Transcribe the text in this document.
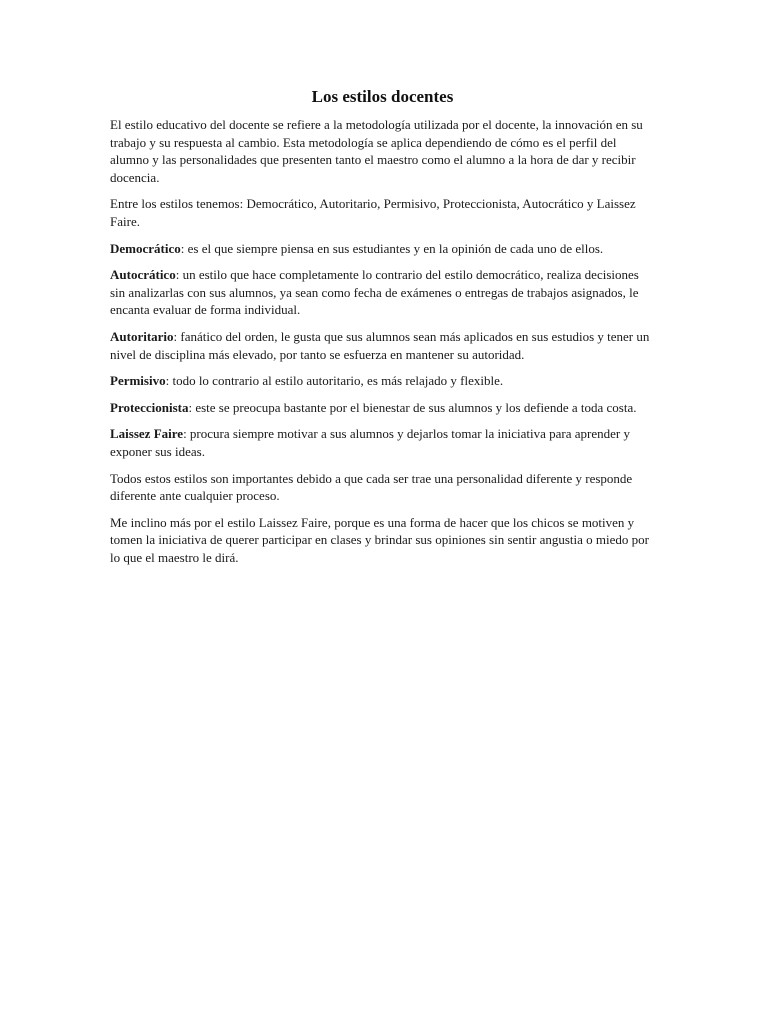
Los estilos docentes

El estilo educativo del docente se refiere a la metodología utilizada por el docente, la innovación en su trabajo y su respuesta al cambio. Esta metodología se aplica dependiendo de cómo es el perfil del alumno y las personalidades que presenten tanto el maestro como el alumno a la hora de dar y recibir docencia.

Entre los estilos tenemos: Democrático, Autoritario, Permisivo, Proteccionista, Autocrático y Laissez Faire.

Democrático: es el que siempre piensa en sus estudiantes y en la opinión de cada uno de ellos.

Autocrático: un estilo que hace completamente lo contrario del estilo democrático, realiza decisiones sin analizarlas con sus alumnos, ya sean como fecha de exámenes o entregas de trabajos asignados, le encanta evaluar de forma individual.

Autoritario: fanático del orden, le gusta que sus alumnos sean más aplicados en sus estudios y tener un nivel de disciplina más elevado, por tanto se esfuerza en mantener su autoridad.

Permisivo: todo lo contrario al estilo autoritario, es más relajado y flexible.

Proteccionista: este se preocupa bastante por el bienestar de sus alumnos y los defiende a toda costa.

Laissez Faire: procura siempre motivar a sus alumnos y dejarlos tomar la iniciativa para aprender y exponer sus ideas.

Todos estos estilos son importantes debido a que cada ser trae una personalidad diferente y responde diferente ante cualquier proceso.

Me inclino más por el estilo Laissez Faire, porque es una forma de hacer que los chicos se motiven y tomen la iniciativa de querer participar en clases y brindar sus opiniones sin sentir angustia o miedo por lo que el maestro le dirá.
